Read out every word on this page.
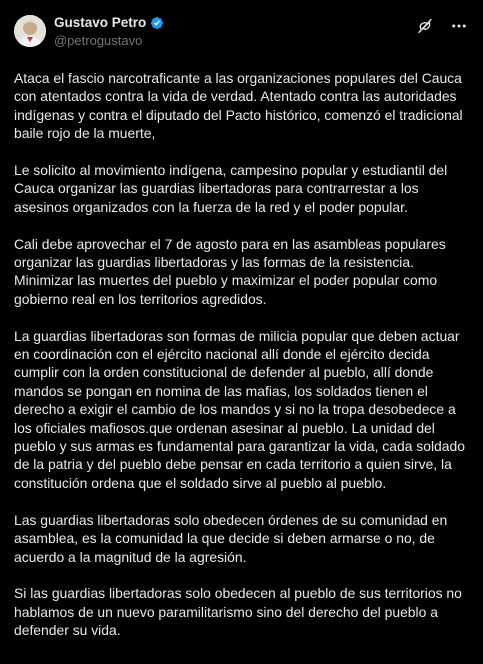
Gustavo Petro
@petrogustavo

Ataca el fascio narcotraficante a las organizaciones populares del Cauca con atentados contra la vida de verdad. Atentado contra las autoridades indígenas y contra el diputado del Pacto histórico, comenzó el tradicional baile rojo de la muerte,

Le solicito al movimiento indígena, campesino popular y estudiantil del Cauca organizar las guardias libertadoras para contrarrestar a los asesinos organizados con la fuerza de la red y el poder popular.

Cali debe aprovechar el 7 de agosto para en las asambleas populares organizar las guardias libertadoras y las formas de la resistencia. Minimizar las muertes del pueblo y maximizar el poder popular como gobierno real en los territorios agredidos.

La guardias libertadoras son formas de milicia popular que deben actuar en coordinación con el ejército nacional allí donde el ejército decida cumplir con la orden constitucional de defender al pueblo, allí donde mandos se pongan en nomina de las mafias, los soldados tienen el derecho a exigir el cambio de los mandos y si no la tropa desobedece a los oficiales mafiosos.que ordenan asesinar al pueblo. La unidad del pueblo y sus armas es fundamental para garantizar la vida, cada soldado de la patria y del pueblo debe pensar en cada territorio a quien sirve, la constitución ordena que el soldado sirve al pueblo al pueblo.

Las guardias libertadoras solo obedecen órdenes de su comunidad en asamblea, es la comunidad la que decide si deben armarse o no, de acuerdo a la magnitud de la agresión.

Si las guardias libertadoras solo obedecen al pueblo de sus territorios no hablamos de un nuevo paramilitarismo sino del derecho del pueblo a defender su vida.
